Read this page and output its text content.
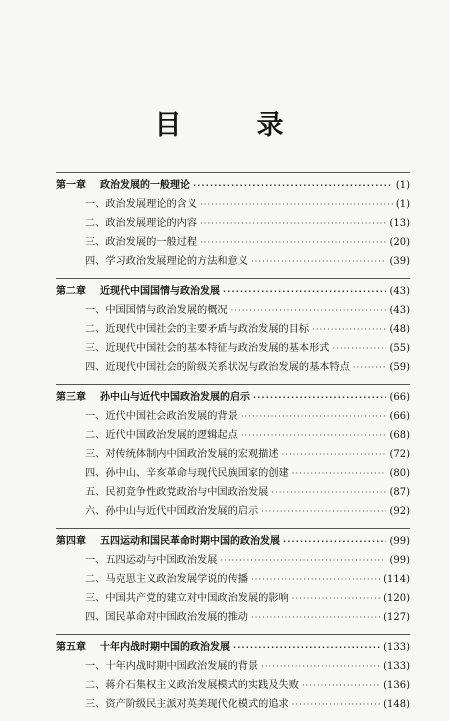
目　录
第一章	政治发展的一般理论 ·····	(1)
一、政治发展理论的含义 ·····	(1)
二、政治发展理论的内容 ·····	(13)
三、政治发展的一般过程 ·····	(20)
四、学习政治发展理论的方法和意义 ·····	(39)
第二章	近现代中国国情与政治发展 ·····	(43)
一、中国国情与政治发展的概况 ·····	(43)
二、近现代中国社会的主要矛盾与政治发展的目标 ·····	(48)
三、近现代中国社会的基本特征与政治发展的基本形式 ·····	(55)
四、近现代中国社会的阶级关系状况与政治发展的基本特点 ·····	(59)
第三章	孙中山与近代中国政治发展的启示 ·····	(66)
一、近代中国社会政治发展的背景 ·····	(66)
二、近代中国政治发展的逻辑起点 ·····	(68)
三、对传统体制内中国政治发展的宏观描述 ·····	(72)
四、孙中山、辛亥革命与现代民族国家的创建 ·····	(80)
五、民初竞争性政党政治与中国政治发展 ·····	(87)
六、孙中山与近代中国政治发展的启示 ·····	(92)
第四章	五四运动和国民革命时期中国的政治发展 ·····	(99)
一、五四运动与中国政治发展 ·····	(99)
二、马克思主义政治发展学说的传播 ·····	(114)
三、中国共产党的建立对中国政治发展的影响 ·····	(120)
四、国民革命对中国政治发展的推动 ·····	(127)
第五章	十年内战时期中国的政治发展 ·····	(133)
一、十年内战时期中国政治发展的背景 ·····	(133)
二、蒋介石集权主义政治发展模式的实践及失败 ·····	(136)
三、资产阶级民主派对英美现代化模式的追求 ·····	(148)
